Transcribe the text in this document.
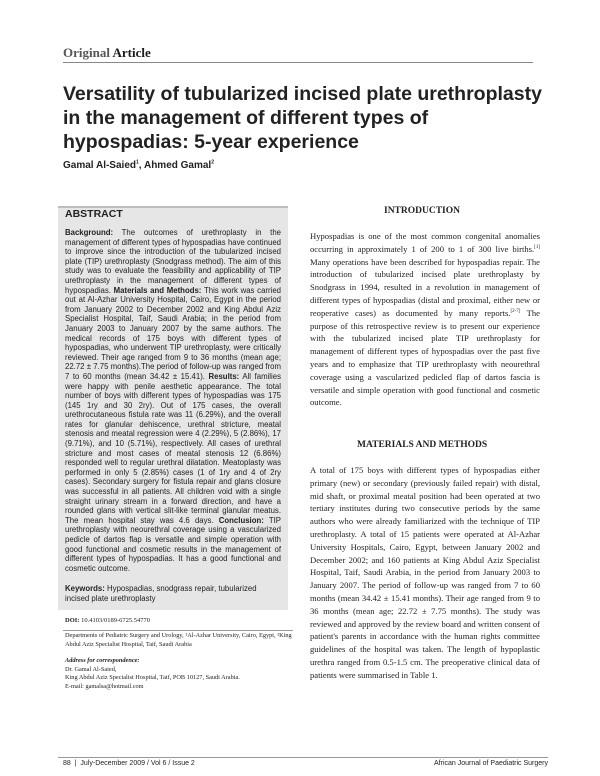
Original Article
Versatility of tubularized incised plate urethroplasty in the management of different types of hypospadias: 5-year experience
Gamal Al-Saied$^1$, Ahmed Gamal$^2$
ABSTRACT

Background: The outcomes of urethroplasty in the management of different types of hypospadias have continued to improve since the introduction of the tubularized incised plate (TIP) urethroplasty (Snodgrass method). The aim of this study was to evaluate the feasibility and applicability of TIP urethroplasty in the management of different types of hypospadias. Materials and Methods: This work was carried out at Al-Azhar University Hospital, Cairo, Egypt in the period from January 2002 to December 2002 and King Abdul Aziz Specialist Hospital, Taif, Saudi Arabia; in the period from January 2003 to January 2007 by the same authors. The medical records of 175 boys with different types of hypospadias, who underwent TIP urethroplasty, were critically reviewed. Their age ranged from 9 to 36 months (mean age; 22.72 ± 7.75 months).The period of follow-up was ranged from 7 to 60 months (mean 34.42 ± 15.41). Results: All families were happy with penile aesthetic appearance. The total number of boys with different types of hypospadias was 175 (145 1ry and 30 2ry). Out of 175 cases, the overall urethrocutaneous fistula rate was 11 (6.29%), and the overall rates for glanular dehiscence, urethral stricture, meatal stenosis and meatal regression were 4 (2.29%), 5 (2.86%), 17 (9.71%), and 10 (5.71%), respectively. All cases of urethral stricture and most cases of meatal stenosis 12 (6.86%) responded well to regular urethral dilatation. Meatoplasty was performed in only 5 (2.85%) cases (1 of 1ry and 4 of 2ry cases). Secondary surgery for fistula repair and glans closure was successful in all patients. All children void with a single straight urinary stream in a forward direction, and have a rounded glans with vertical slit-like terminal glanular meatus. The mean hospital stay was 4.6 days. Conclusion: TIP urethroplasty with neourethral coverage using a vascularized pedicle of dartos flap is versatile and simple operation with good functional and cosmetic results in the management of different types of hypospadias. It has a good functional and cosmetic outcome.

Keywords: Hypospadias, snodgrass repair, tubularized incised plate urethroplasty

DOI: 10.4103/0189-6725.54770

Departments of Pediatric Surgery and Urology, ¹Al-Azhar University, Cairo, Egypt, ²King Abdul Aziz Specialist Hospital, Taif, Saudi Arabia

Address for correspondence:
Dr. Gamal Al-Saied,
King Abdul Aziz Specialist Hospital, Taif, POB 10127, Saudi Arabia.
E-mail: gamalsa@hotmail.com

INTRODUCTION

Hypospadias is one of the most common congenital anomalies occurring in approximately 1 of 200 to 1 of 300 live births.[1] Many operations have been described for hypospadias repair. The introduction of tubularized incised plate urethroplasty by Snodgrass in 1994, resulted in a revolution in management of different types of hypospadias (distal and proximal, either new or reoperative cases) as documented by many reports.[2-7] The purpose of this retrospective review is to present our experience with the tubularized incised plate TIP urethroplasty for management of different types of hypospadias over the past five years and to emphasize that TIP urethroplasty with neourethral coverage using a vascularized pedicled flap of dartos fascia is versatile and simple operation with good functional and cosmetic outcome.

MATERIALS AND METHODS

A total of 175 boys with different types of hypospadias either primary (new) or secondary (previously failed repair) with distal, mid shaft, or proximal meatal position had been operated at two tertiary institutes during two consecutive periods by the same authors who were already familiarized with the technique of TIP urethroplasty. A total of 15 patients were operated at Al-Azhar University Hospitals, Cairo, Egypt, between January 2002 and December 2002; and 160 patients at King Abdul Aziz Specialist Hospital, Taif, Saudi Arabia, in the period from January 2003 to January 2007. The period of follow-up was ranged from 7 to 60 months (mean 34.42 ± 15.41 months). Their age ranged from 9 to 36 months (mean age; 22.72 ± 7.75 months). The study was reviewed and approved by the review board and written consent of patient's parents in accordance with the human rights committee guidelines of the hospital was taken. The length of hypoplastic urethra ranged from 0.5-1.5 cm. The preoperative clinical data of patients were summarised in Table 1.

88  |  July-December 2009 / Vol 6 / Issue 2	African Journal of Paediatric Surgery
